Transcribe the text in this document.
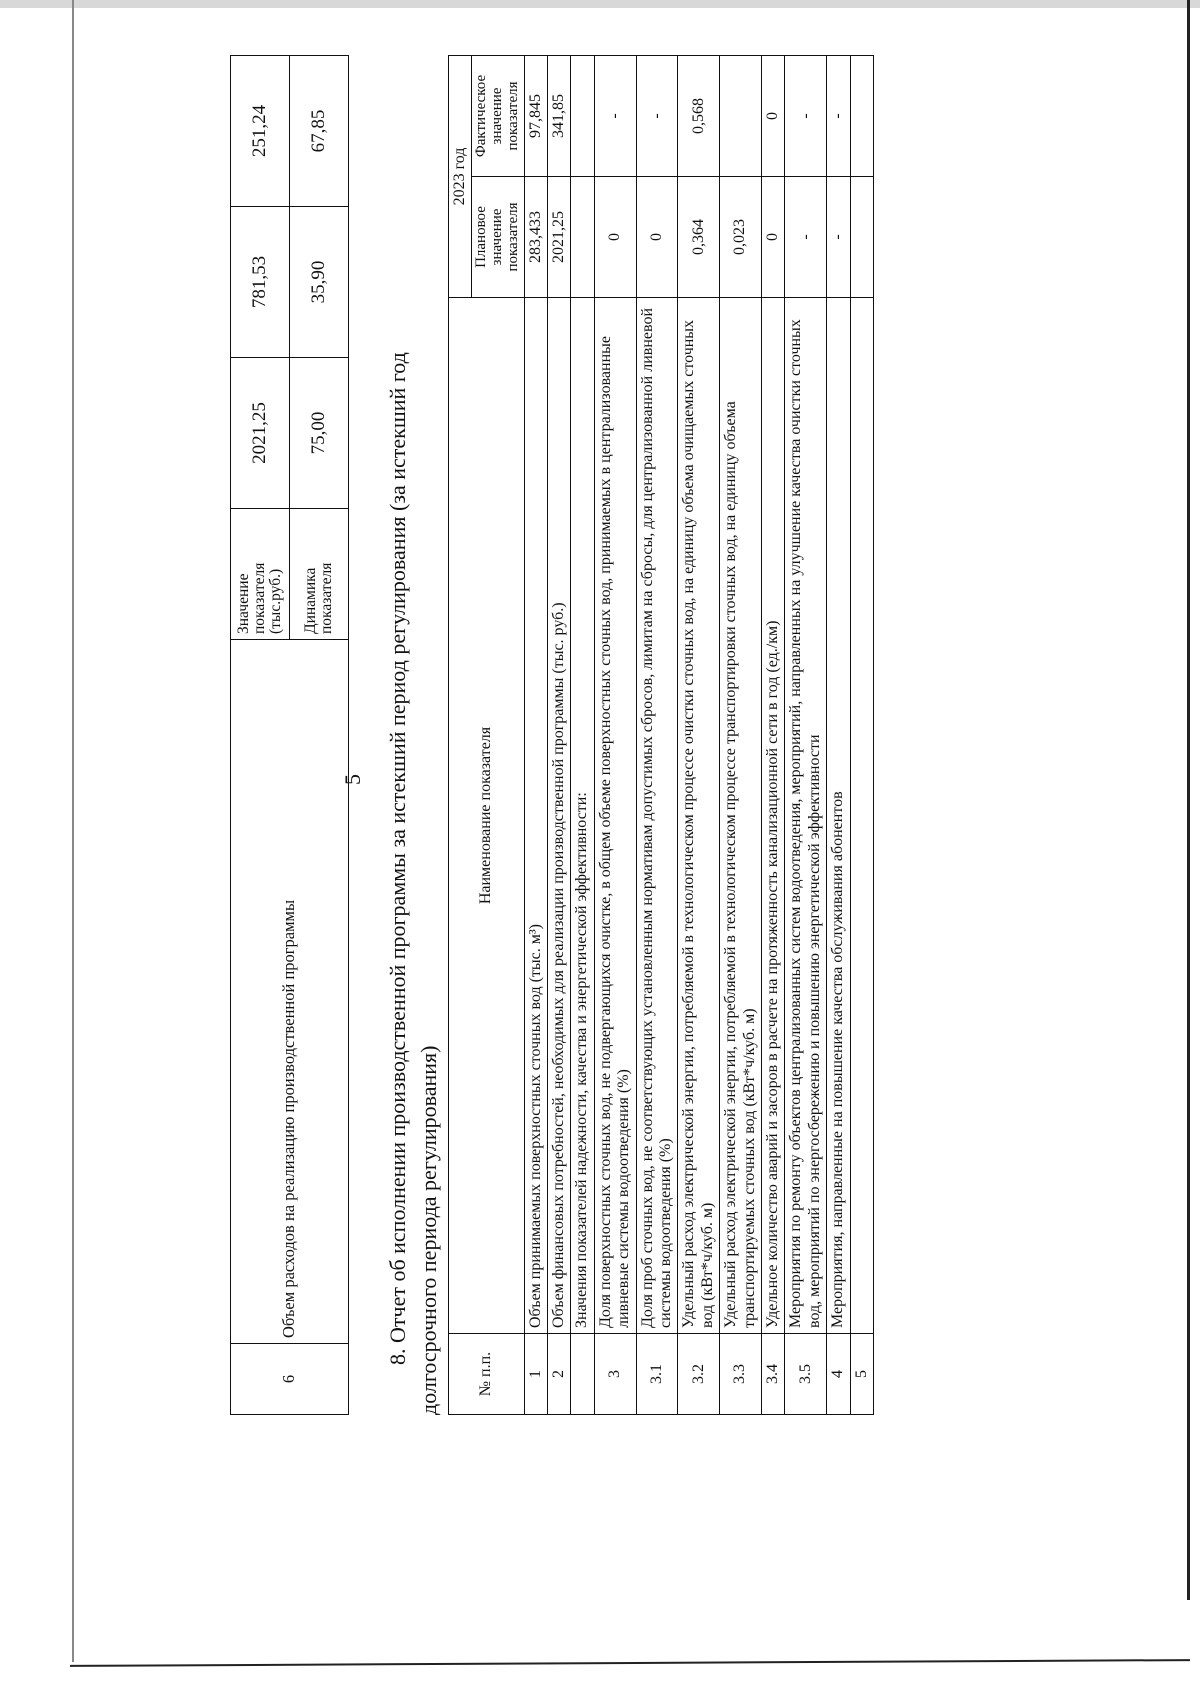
5
6	Объем расходов на реализацию производственной программы	Значение показателя (тыс.руб.)	2021,25	781,53	251,24
		Динамика показателя	75,00	35,90	67,85
8. Отчет об исполнении производственной программы за истекший период регулирования (за истекший год долгосрочного периода регулирования) № п.п.	Наименование показателя	2023 год	
		Плановое значение показателя	Фактическое значение показателя
1	Объем принимаемых поверхностных сточных вод (тыс. м³)	283,433	97,845
2	Объем финансовых потребностей, необходимых для реализации производственной программы (тыс. руб.)	2021,25	341,85
	Значения показателей надежности, качества и энергетической эффективности:		
3	Доля поверхностных сточных вод, не подвергающихся очистке, в общем объеме поверхностных сточных вод, принимаемых в централизованные ливневые системы водоотведения (%)	0	-
3.1	Доля проб сточных вод, не соответствующих установленным нормативам допустимых сбросов, лимитам на сбросы, для централизованной ливневой системы водоотведения (%)	0	-
3.2	Удельный расход электрической энергии, потребляемой в технологическом процессе очистки сточных вод, на единицу объема очищаемых сточных вод (кВт*ч/куб. м)	0,364	0,568
3.3	Удельный расход электрической энергии, потребляемой в технологическом процессе транспортировки сточных вод, на единицу объема транспортируемых сточных вод (кВт*ч/куб. м)	0,023	
3.4	Удельное количество аварий и засоров в расчете на протяженность канализационной сети в год (ед./км)	0	0
3.5	Мероприятия по ремонту объектов централизованных систем водоотведения, мероприятий, направленных на улучшение качества очистки сточных вод, мероприятий по энергосбережению и повышению энергетической эффективности	-	-
4	Мероприятия, направленные на повышение качества обслуживания абонентов	-	-
5			
